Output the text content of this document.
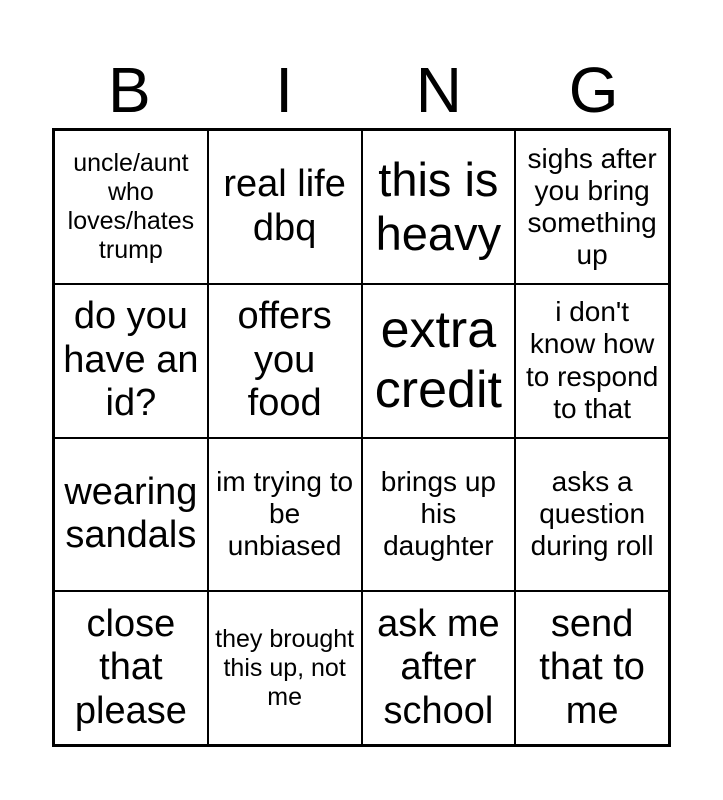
B	I	N	G
uncle/aunt who loves/hates trump
real life dbq
this is heavy
sighs after you bring something up
do you have an id?
offers you food
extra credit
i don't know how to respond to that
wearing sandals
im trying to be unbiased
brings up his daughter
asks a question during roll
close that please
they brought this up, not me
ask me after school
send that to me
